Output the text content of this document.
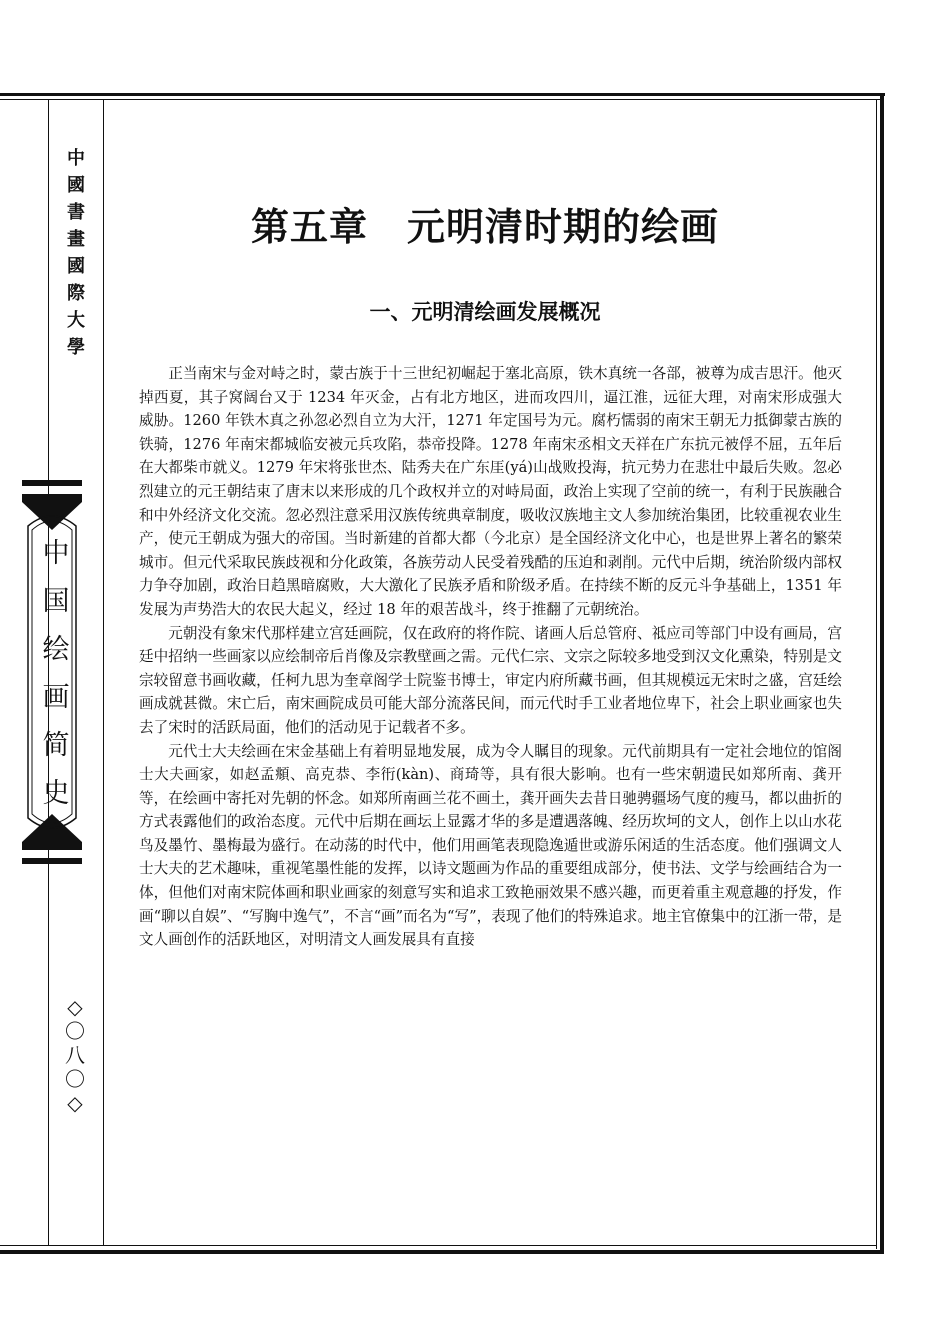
中
國
書
畫
國
際
大
學
中
国
绘
画
简
史
◇
〇
八
〇
◇
第五章　元明清时期的绘画
一、元明清绘画发展概况

正当南宋与金对峙之时，蒙古族于十三世纪初崛起于塞北高原，铁木真统一各部，被尊为成吉思汗。他灭掉西夏，其子窝阔台又于 1234 年灭金，占有北方地区，进而攻四川，逼江淮，远征大理，对南宋形成强大威胁。1260 年铁木真之孙忽必烈自立为大汗，1271 年定国号为元。腐朽懦弱的南宋王朝无力抵御蒙古族的铁骑，1276 年南宋都城临安被元兵攻陷，恭帝投降。1278 年南宋丞相文天祥在广东抗元被俘不屈，五年后在大都柴市就义。1279 年宋将张世杰、陆秀夫在广东厓(yá)山战败投海，抗元势力在悲壮中最后失败。忽必烈建立的元王朝结束了唐末以来形成的几个政权并立的对峙局面，政治上实现了空前的统一，有利于民族融合和中外经济文化交流。忽必烈注意采用汉族传统典章制度，吸收汉族地主文人参加统治集团，比较重视农业生产，使元王朝成为强大的帝国。当时新建的首都大都（今北京）是全国经济文化中心，也是世界上著名的繁荣城市。但元代采取民族歧视和分化政策，各族劳动人民受着残酷的压迫和剥削。元代中后期，统治阶级内部权力争夺加剧，政治日趋黑暗腐败，大大激化了民族矛盾和阶级矛盾。在持续不断的反元斗争基础上，1351 年发展为声势浩大的农民大起义，经过 18 年的艰苦战斗，终于推翻了元朝统治。

元朝没有象宋代那样建立宫廷画院，仅在政府的将作院、诸画人后总管府、祗应司等部门中设有画局，宫廷中招纳一些画家以应绘制帝后肖像及宗教壁画之需。元代仁宗、文宗之际较多地受到汉文化熏染，特别是文宗较留意书画收藏，任柯九思为奎章阁学士院鉴书博士，审定内府所藏书画，但其规模远无宋时之盛，宫廷绘画成就甚微。宋亡后，南宋画院成员可能大部分流落民间，而元代时手工业者地位卑下，社会上职业画家也失去了宋时的活跃局面，他们的活动见于记载者不多。

元代士大夫绘画在宋金基础上有着明显地发展，成为令人瞩目的现象。元代前期具有一定社会地位的馆阁士大夫画家，如赵孟頫、高克恭、李衎(kàn)、商琦等，具有很大影响。也有一些宋朝遗民如郑所南、龚开等，在绘画中寄托对先朝的怀念。如郑所南画兰花不画土，龚开画失去昔日驰骋疆场气度的瘦马，都以曲折的方式表露他们的政治态度。元代中后期在画坛上显露才华的多是遭遇落魄、经历坎坷的文人，创作上以山水花鸟及墨竹、墨梅最为盛行。在动荡的时代中，他们用画笔表现隐逸遁世或游乐闲适的生活态度。他们强调文人士大夫的艺术趣味，重视笔墨性能的发挥，以诗文题画为作品的重要组成部分，使书法、文学与绘画结合为一体，但他们对南宋院体画和职业画家的刻意写实和追求工致艳丽效果不感兴趣，而更着重主观意趣的抒发，作画“聊以自娱”、“写胸中逸气”，不言“画”而名为“写”，表现了他们的特殊追求。地主官僚集中的江浙一带，是文人画创作的活跃地区，对明清文人画发展具有直接
